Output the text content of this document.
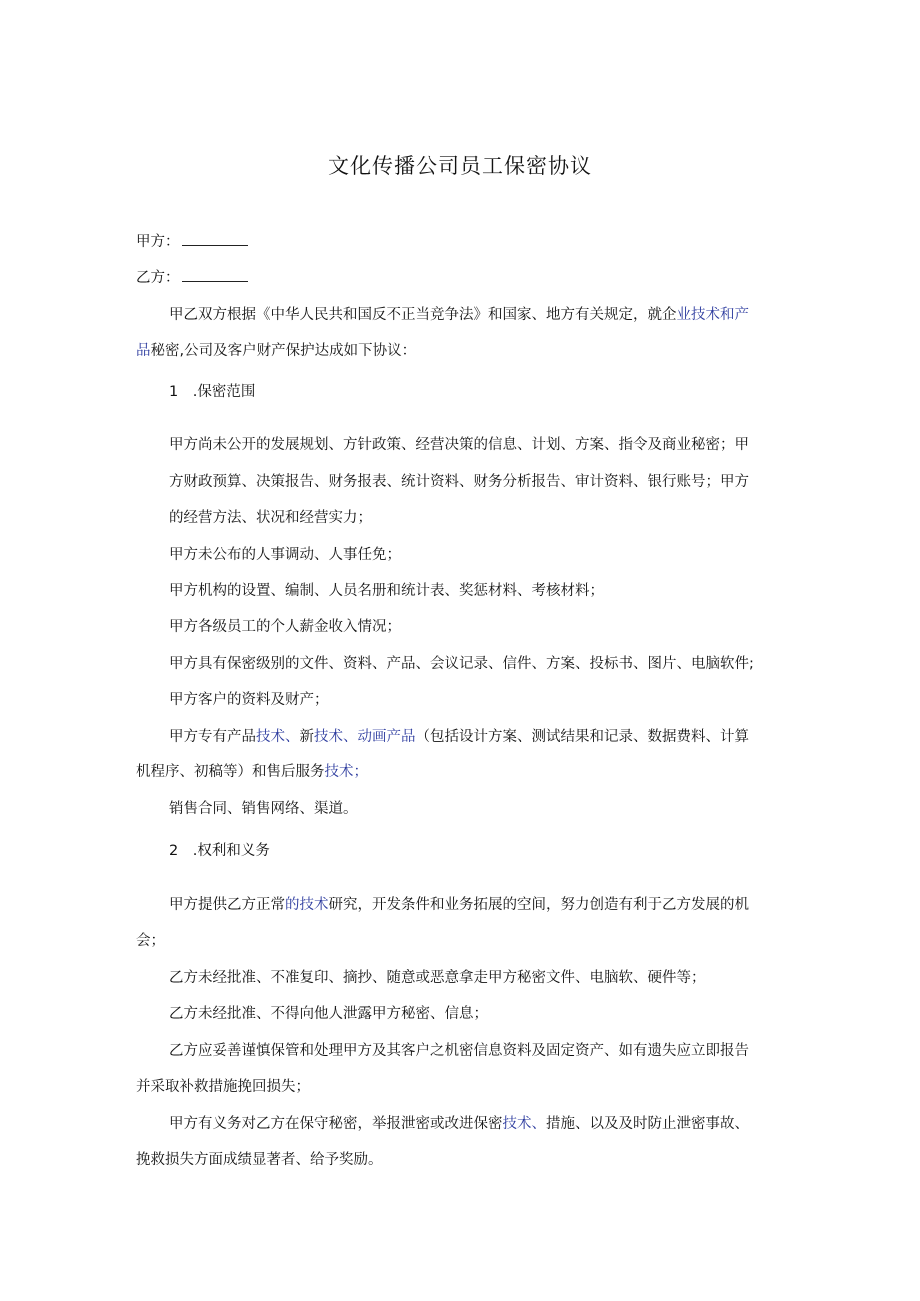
文化传播公司员工保密协议
甲方：
乙方：
甲乙双方根据《中华人民共和国反不正当竞争法》和国家、地方有关规定，就企业技术和产
品秘密,公司及客户财产保护达成如下协议：
1　.保密范围
甲方尚未公开的发展规划、方针政策、经营决策的信息、计划、方案、指令及商业秘密；甲
方财政预算、决策报告、财务报表、统计资料、财务分析报告、审计资料、银行账号；甲方
的经营方法、状况和经营实力；
甲方未公布的人事调动、人事任免；
甲方机构的设置、编制、人员名册和统计表、奖惩材料、考核材料；
甲方各级员工的个人薪金收入情况；
甲方具有保密级别的文件、资料、产品、会议记录、信件、方案、投标书、图片、电脑软件;
甲方客户的资料及财产；
甲方专有产品技术、新技术、动画产品（包括设计方案、测试结果和记录、数据费料、计算
机程序、初稿等）和售后服务技术；
销售合同、销售网络、渠道。
2　.权利和义务
甲方提供乙方正常的技术研究，开发条件和业务拓展的空间，努力创造有利于乙方发展的机
会；
乙方未经批准、不准复印、摘抄、随意或恶意拿走甲方秘密文件、电脑软、硬件等；
乙方未经批准、不得向他人泄露甲方秘密、信息；
乙方应妥善谨慎保管和处理甲方及其客户之机密信息资料及固定资产、如有遗失应立即报告
并采取补救措施挽回损失；
甲方有义务对乙方在保守秘密，举报泄密或改进保密技术、措施、以及及时防止泄密事故、
挽救损失方面成绩显著者、给予奖励。
